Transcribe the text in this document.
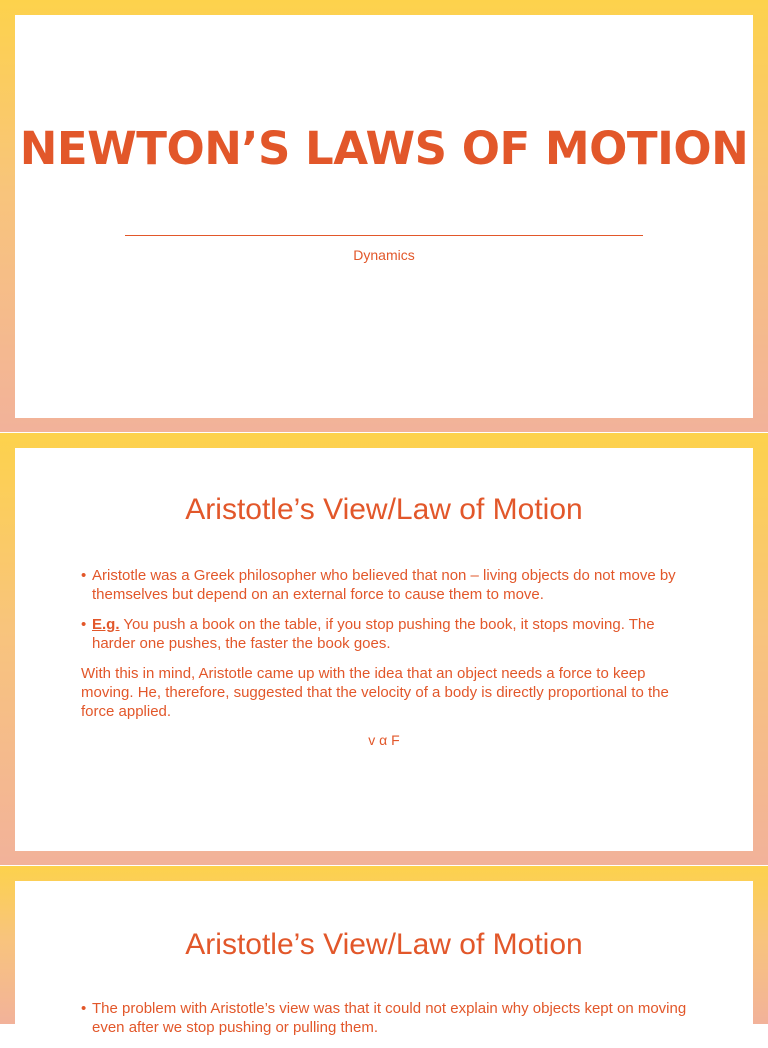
NEWTON’S LAWS OF MOTION
Dynamics
Aristotle’s View/Law of Motion
• Aristotle was a Greek philosopher who believed that non – living objects do not move by themselves but depend on an external force to cause them to move.
• E.g. You push a book on the table, if you stop pushing the book, it stops moving. The harder one pushes, the faster the book goes.

With this in mind, Aristotle came up with the idea that an object needs a force to keep moving. He, therefore, suggested that the velocity of a body is directly proportional to the force applied.

v α F
Aristotle’s View/Law of Motion
• The problem with Aristotle’s view was that it could not explain why objects kept on moving even after we stop pushing or pulling them.
